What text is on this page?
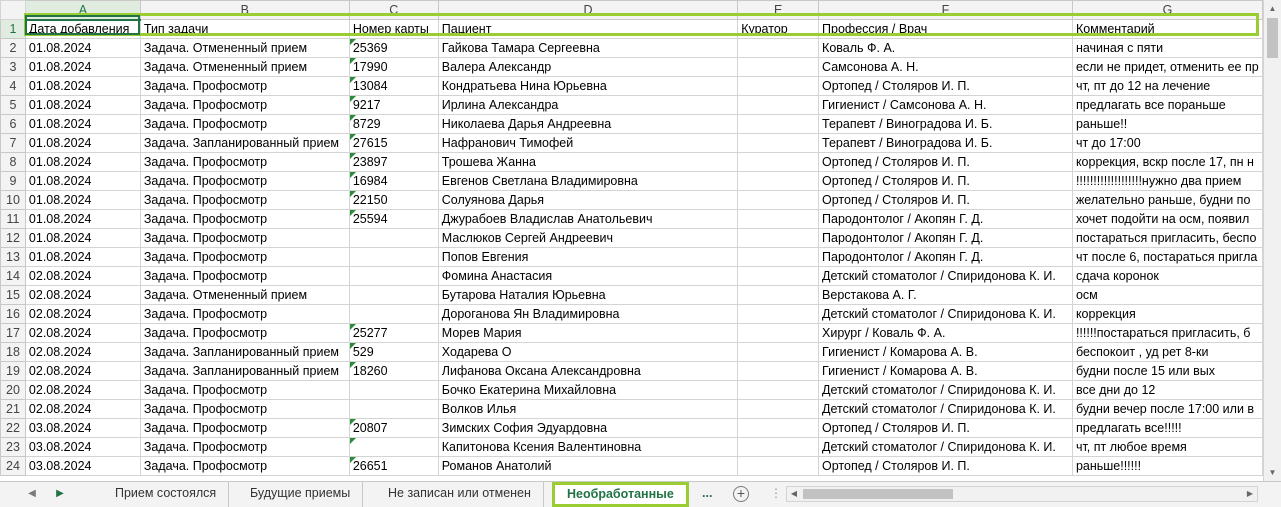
	A	B	C	D	E	F	G
1	Дата добавления	Тип задачи	Номер карты	Пациент	Куратор	Профессия / Врач	Комментарий
2	01.08.2024	Задача. Отмененный прием	25369	Гайкова Тамара Сергеевна		Коваль Ф. А.	начиная с пяти
3	01.08.2024	Задача. Отмененный прием	17990	Валера Александр		Самсонова А. Н.	если не придет, отменить ее пр
4	01.08.2024	Задача. Профосмотр	13084	Кондратьева Нина Юрьевна		Ортопед / Столяров И. П.	чт, пт до 12 на лечение
5	01.08.2024	Задача. Профосмотр	9217	Ирлина Александра		Гигиенист / Самсонова А. Н.	предлагать все пораньше
6	01.08.2024	Задача. Профосмотр	8729	Николаева Дарья Андреевна		Терапевт / Виноградова И. Б.	раньше!!
7	01.08.2024	Задача. Запланированный прием	27615	Нафранович Тимофей		Терапевт / Виноградова И. Б.	чт до 17:00
8	01.08.2024	Задача. Профосмотр	23897	Трошева Жанна		Ортопед / Столяров И. П.	коррекция, вскр после 17, пн н
9	01.08.2024	Задача. Профосмотр	16984	Евгенов Светлана Владимировна		Ортопед / Столяров И. П.	!!!!!!!!!!!!!!!!!!!нужно два прием
10	01.08.2024	Задача. Профосмотр	22150	Солуянова Дарья		Ортопед / Столяров И. П.	желательно раньше, будни по
11	01.08.2024	Задача. Профосмотр	25594	Джурабоев Владислав Анатольевич		Пародонтолог / Акопян Г. Д.	хочет подойти на осм, появил
12	01.08.2024	Задача. Профосмотр		Маслюков Сергей Андреевич		Пародонтолог / Акопян Г. Д.	постараться пригласить, беспо
13	01.08.2024	Задача. Профосмотр		Попов Евгения		Пародонтолог / Акопян Г. Д.	чт после 6, постараться пригла
14	02.08.2024	Задача. Профосмотр		Фомина Анастасия		Детский стоматолог / Спиридонова К. И.	сдача коронок
15	02.08.2024	Задача. Отмененный прием		Бутарова Наталия Юрьевна		Верстакова А. Г.	осм
16	02.08.2024	Задача. Профосмотр		Дороганова Ян Владимировна		Детский стоматолог / Спиридонова К. И.	коррекция
17	02.08.2024	Задача. Профосмотр	25277	Морев Мария		Хирург / Коваль Ф. А.	!!!!!!постараться пригласить, б
18	02.08.2024	Задача. Запланированный прием	529	Ходарева О		Гигиенист / Комарова А. В.	беспокоит , уд рет 8-ки
19	02.08.2024	Задача. Запланированный прием	18260	Лифанова Оксана Александровна		Гигиенист / Комарова А. В.	будни после 15 или вых
20	02.08.2024	Задача. Профосмотр		Бочко Екатерина Михайловна		Детский стоматолог / Спиридонова К. И.	все дни до 12
21	02.08.2024	Задача. Профосмотр		Волков Илья		Детский стоматолог / Спиридонова К. И.	будни вечер после 17:00 или в
22	03.08.2024	Задача. Профосмотр	20807	Зимских София Эдуардовна		Ортопед / Столяров И. П.	предлагать все!!!!!
23	03.08.2024	Задача. Профосмотр		Капитонова Ксения Валентиновна		Детский стоматолог / Спиридонова К. И.	чт, пт любое время
24	03.08.2024	Задача. Профосмотр	26651	Романов Анатолий		Ортопед / Столяров И. П.	раньше!!!!!!
▲
▼
◀	▶	Прием состоялся	Будущие приемы	Не записан или отменен	Необработанные	... +	⋮	◀	▶
